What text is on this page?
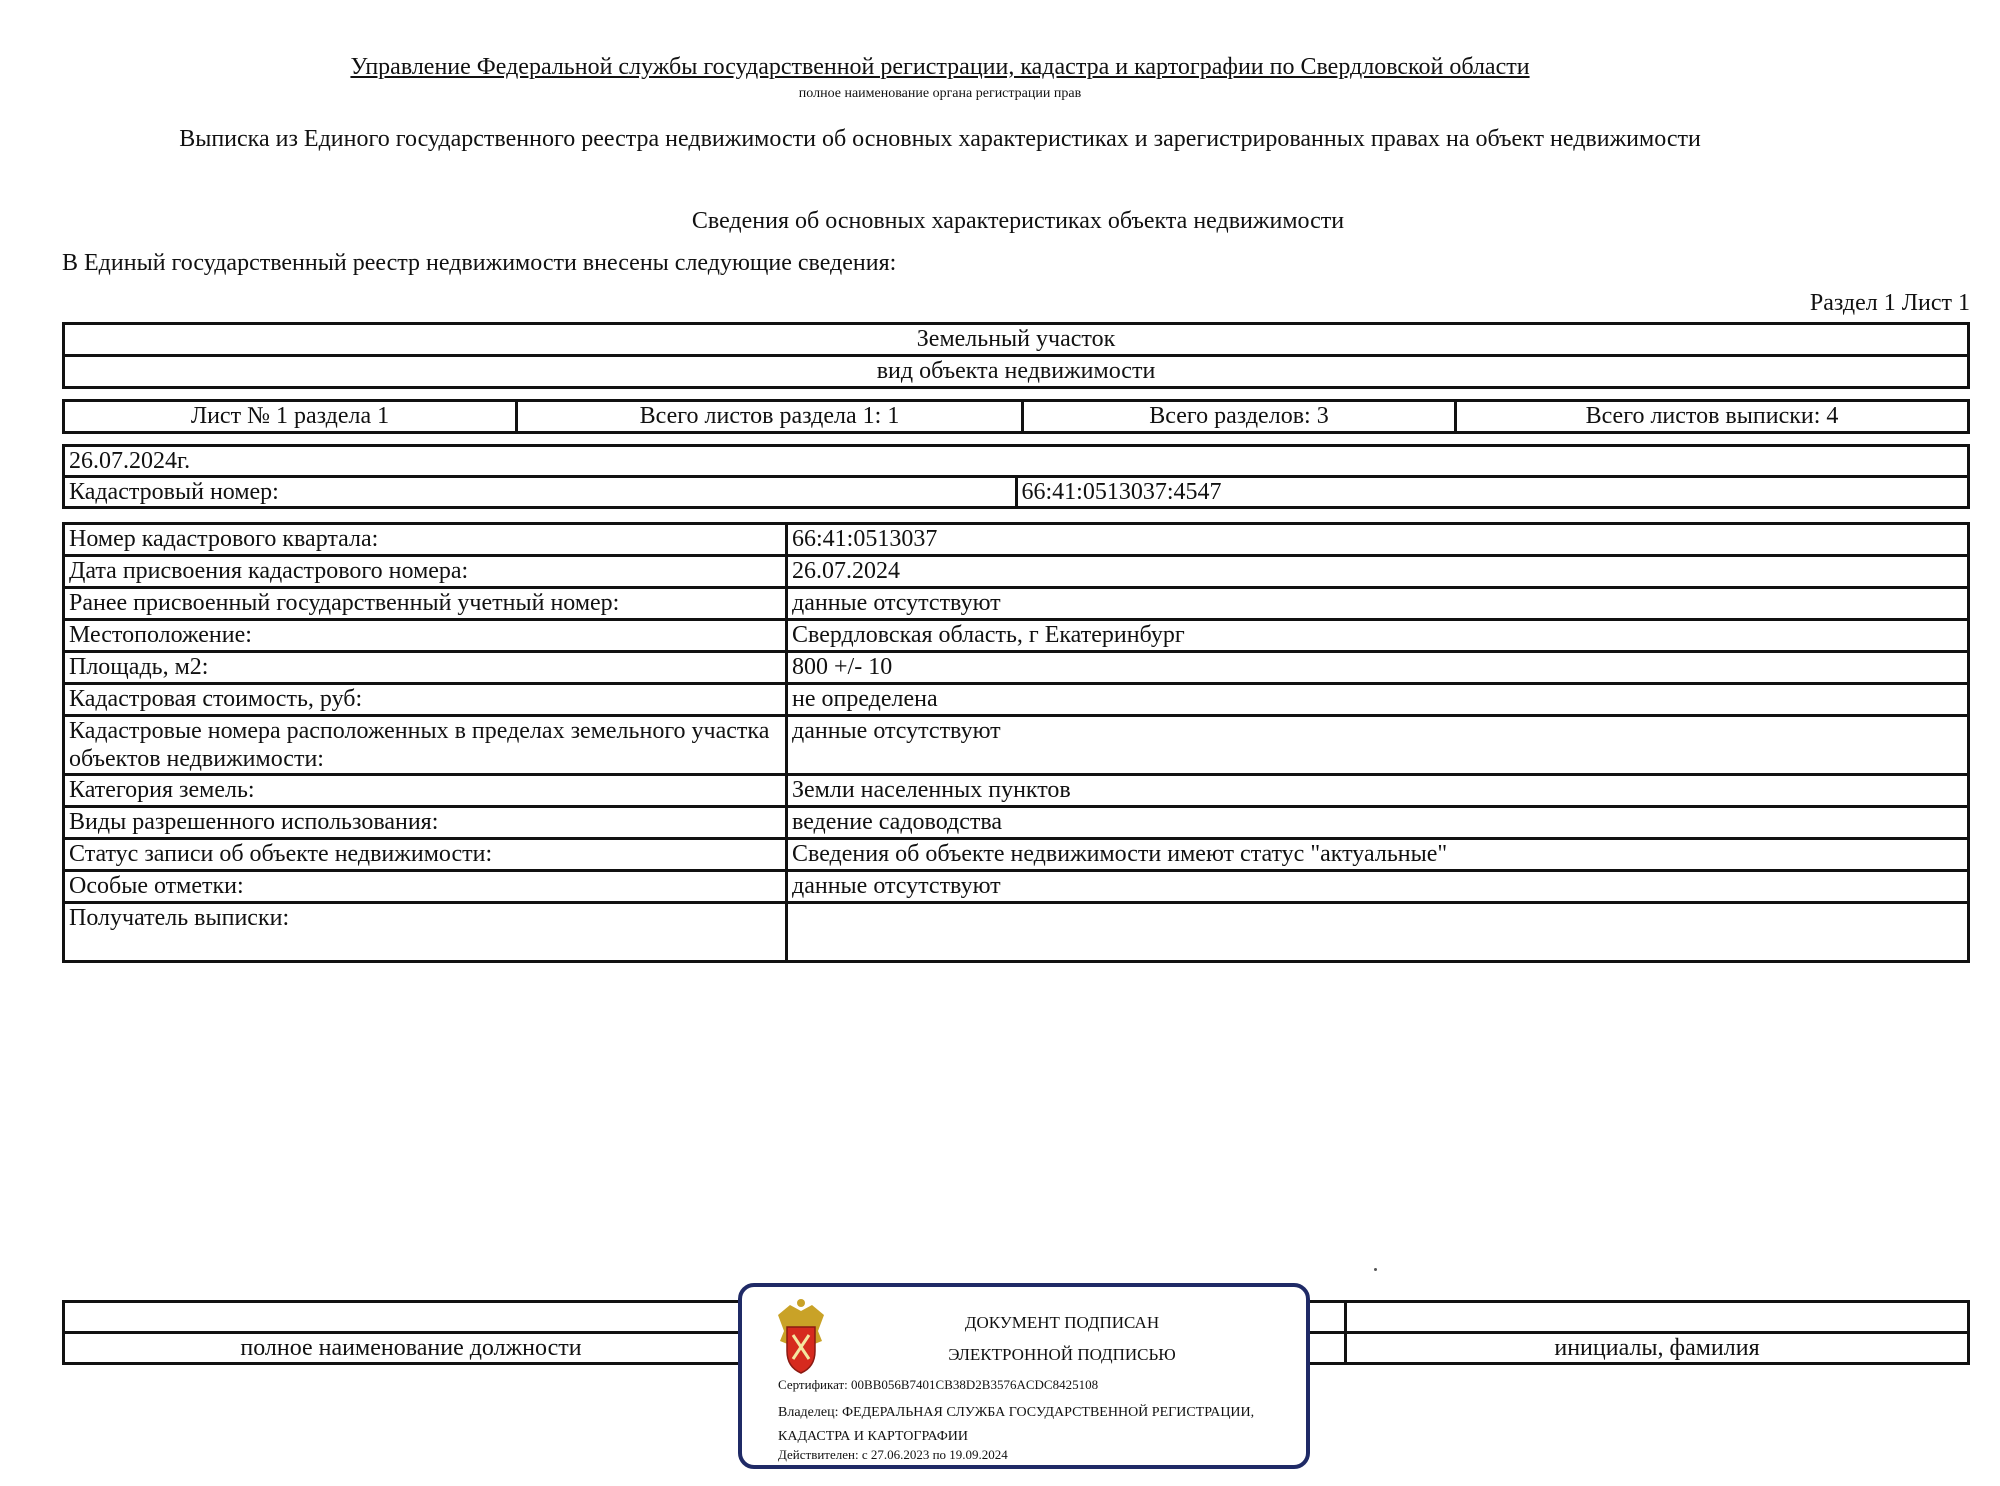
Управление Федеральной службы государственной регистрации, кадастра и картографии по Свердловской области
полное наименование органа регистрации прав
Выписка из Единого государственного реестра недвижимости об основных характеристиках и зарегистрированных правах на объект недвижимости
Сведения об основных характеристиках объекта недвижимости
В Единый государственный реестр недвижимости внесены следующие сведения:
Раздел 1 Лист 1
Земельный участок
вид объекта недвижимости
Лист № 1 раздела 1	Всего листов раздела 1: 1	Всего разделов: 3	Всего листов выписки: 4
26.07.2024г.
Кадастровый номер:	66:41:0513037:4547
Номер кадастрового квартала:	66:41:0513037
Дата присвоения кадастрового номера:	26.07.2024
Ранее присвоенный государственный учетный номер:	данные отсутствуют
Местоположение:	Свердловская область, г Екатеринбург
Площадь, м2:	800 +/- 10
Кадастровая стоимость, руб:	не определена
Кадастровые номера расположенных в пределах земельного участка объектов недвижимости:	данные отсутствуют
Категория земель:	Земли населенных пунктов
Виды разрешенного использования:	ведение садоводства
Статус записи об объекте недвижимости:	Сведения об объекте недвижимости имеют статус "актуальные"
Особые отметки:	данные отсутствуют
Получатель выписки:	

полное наименование должности		инициалы, фамилия
ДОКУМЕНТ ПОДПИСАН
ЭЛЕКТРОННОЙ ПОДПИСЬЮ
Сертификат: 00BB056B7401CB38D2B3576ACDC8425108
Владелец: ФЕДЕРАЛЬНАЯ СЛУЖБА ГОСУДАРСТВЕННОЙ РЕГИСТРАЦИИ, КАДАСТРА И КАРТОГРАФИИ
Действителен: с 27.06.2023 по 19.09.2024
